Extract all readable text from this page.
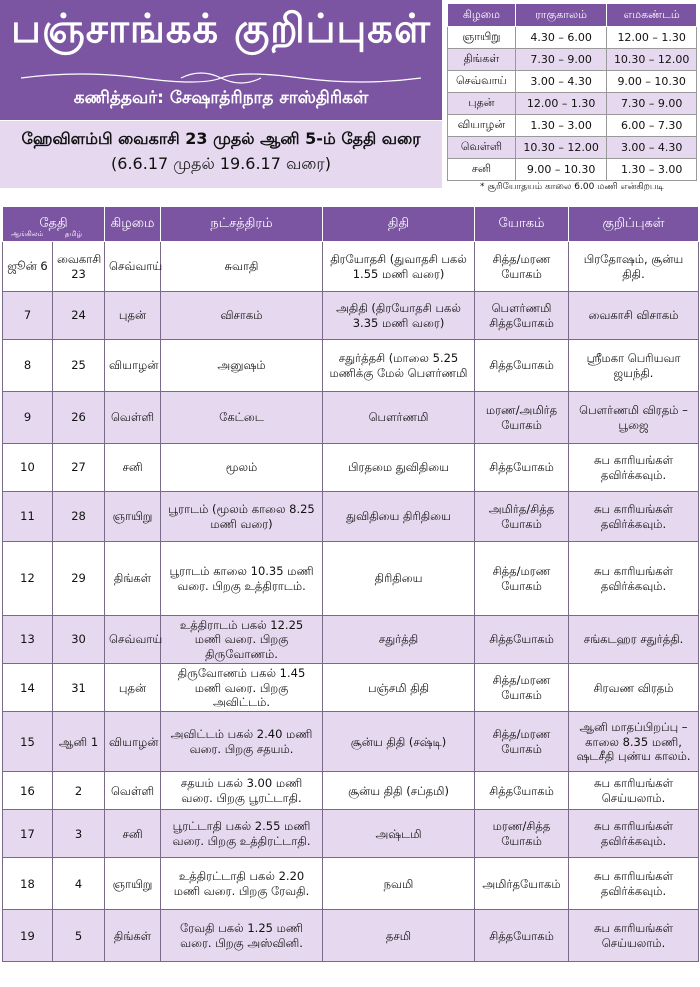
பஞ்சாங்கக் குறிப்புகள்
கணித்தவர்: சேஷாத்ரிநாத சாஸ்திரிகள்
ஹேவிளம்பி வைகாசி 23 முதல் ஆனி 5-ம் தேதி வரை
(6.6.17 முதல் 19.6.17 வரை)
கிழமை	ராகுகாலம்	எமகண்டம்
ஞாயிறு	4.30 – 6.00	12.00 – 1.30
திங்கள்	7.30 – 9.00	10.30 – 12.00
செவ்வாய்	3.00 – 4.30	9.00 – 10.30
புதன்	12.00 – 1.30	7.30 – 9.00
வியாழன்	1.30 – 3.00	6.00 – 7.30
வெள்ளி	10.30 – 12.00	3.00 – 4.30
சனி	9.00 – 10.30	1.30 – 3.00
* சூரியோதயம் காலை 6.00 மணி என்கிறபடி
தேதி
ஆங்கிலம் தமிழ்		கிழமை	நட்சத்திரம்	திதி	யோகம்	குறிப்புகள்
ஜூன் 6	வைகாசி 23	செவ்வாய்	சுவாதி	திரயோதசி (துவாதசி பகல் 1.55 மணி வரை)	சித்த/மரண யோகம்	பிரதோஷம், சூன்ய திதி.
7	24	புதன்	விசாகம்	அதிதி (திரயோதசி பகல் 3.35 மணி வரை)	பௌர்ணமி சித்தயோகம்	வைகாசி விசாகம்
8	25	வியாழன்	அனுஷம்	சதுர்த்தசி (மாலை 5.25 மணிக்கு மேல் பௌர்ணமி	சித்தயோகம்	ஸ்ரீமகா பெரியவா ஜயந்தி.
9	26	வெள்ளி	கேட்டை	பௌர்ணமி	மரண/அமிர்த யோகம்	பௌர்ணமி விரதம் – பூஜை
10	27	சனி	மூலம்	பிரதமை துவிதியை	சித்தயோகம்	சுப காரியங்கள் தவிர்க்கவும்.
11	28	ஞாயிறு	பூராடம் (மூலம் காலை 8.25 மணி வரை)	துவிதியை திரிதியை	அமிர்த/சித்த யோகம்	சுப காரியங்கள் தவிர்க்கவும்.
12	29	திங்கள்	பூராடம் காலை 10.35 மணி வரை. பிறகு உத்திராடம்.	திரிதியை	சித்த/மரண யோகம்	சுப காரியங்கள் தவிர்க்கவும்.
13	30	செவ்வாய்	உத்திராடம் பகல் 12.25 மணி வரை. பிறகு திருவோணம்.	சதுர்த்தி	சித்தயோகம்	சங்கடஹர சதுர்த்தி.
14	31	புதன்	திருவோணம் பகல் 1.45 மணி வரை. பிறகு அவிட்டம்.	பஞ்சமி திதி	சித்த/மரண யோகம்	சிரவண விரதம்
15	ஆனி 1	வியாழன்	அவிட்டம் பகல் 2.40 மணி வரை. பிறகு சதயம்.	சூன்ய திதி (சஷ்டி)	சித்த/மரண யோகம்	ஆனி மாதப்பிறப்பு – காலை 8.35 மணி, ஷடசீதி புண்ய காலம்.
16	2	வெள்ளி	சதயம் பகல் 3.00 மணி வரை. பிறகு பூரட்டாதி.	சூன்ய திதி (சப்தமி)	சித்தயோகம்	சுப காரியங்கள் செய்யலாம்.
17	3	சனி	பூரட்டாதி பகல் 2.55 மணி வரை. பிறகு உத்திரட்டாதி.	அஷ்டமி	மரண/சித்த யோகம்	சுப காரியங்கள் தவிர்க்கவும்.
18	4	ஞாயிறு	உத்திரட்டாதி பகல் 2.20 மணி வரை. பிறகு ரேவதி.	நவமி	அமிர்தயோகம்	சுப காரியங்கள் தவிர்க்கவும்.
19	5	திங்கள்	ரேவதி பகல் 1.25 மணி வரை. பிறகு அஸ்வினி.	தசமி	சித்தயோகம்	சுப காரியங்கள் செய்யலாம்.
